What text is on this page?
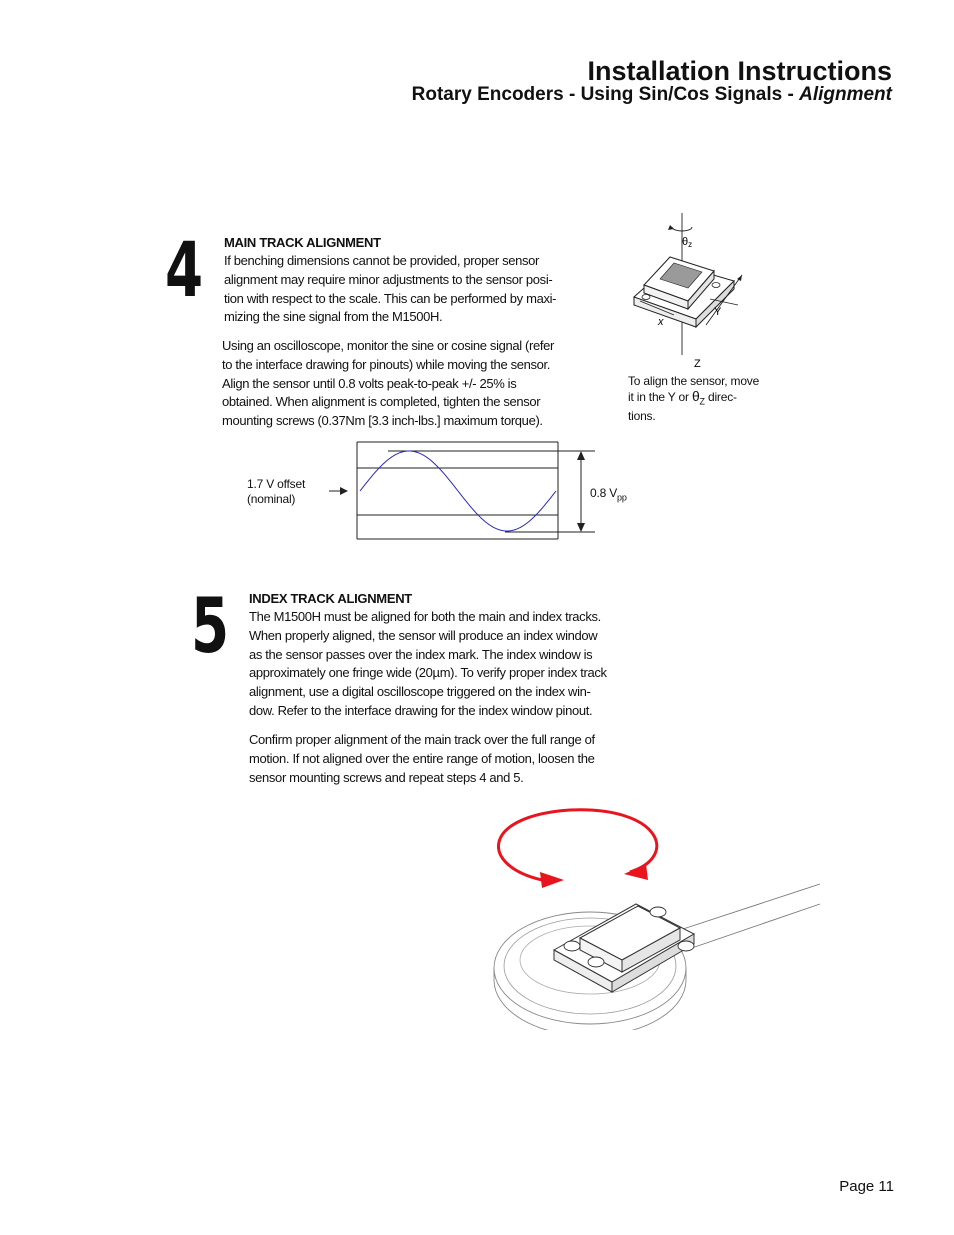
Installation Instructions
Rotary Encoders - Using Sin/Cos Signals - Alignment
4 MAIN TRACK ALIGNMENT
If benching dimensions cannot be provided, proper sensor
alignment may require minor adjustments to the sensor posi-
tion with respect to the scale. This can be performed by maxi-
mizing the sine signal from the M1500H.
Using an oscilloscope, monitor the sine or cosine signal (refer
to the interface drawing for pinouts) while moving the sensor.
Align the sensor until 0.8 volts peak-to-peak +/- 25% is
obtained. When alignment is completed, tighten the sensor
mounting screws (0.37Nm [3.3 inch-lbs.] maximum torque).
θz
x
Y
Z
To align the sensor, move
it in the Y or $\theta_Z$ direc-
tions.
1.7 V offset
(nominal)	0.8 $V_{pp}$
5 INDEX TRACK ALIGNMENT
The M1500H must be aligned for both the main and index tracks.
When properly aligned, the sensor will produce an index window
as the sensor passes over the index mark. The index window is
approximately one fringe wide (20µm). To verify proper index track
alignment, use a digital oscilloscope triggered on the index win-
dow. Refer to the interface drawing for the index window pinout.
Confirm proper alignment of the main track over the full range of
motion. If not aligned over the entire range of motion, loosen the
sensor mounting screws and repeat steps 4 and 5.
Page 11
